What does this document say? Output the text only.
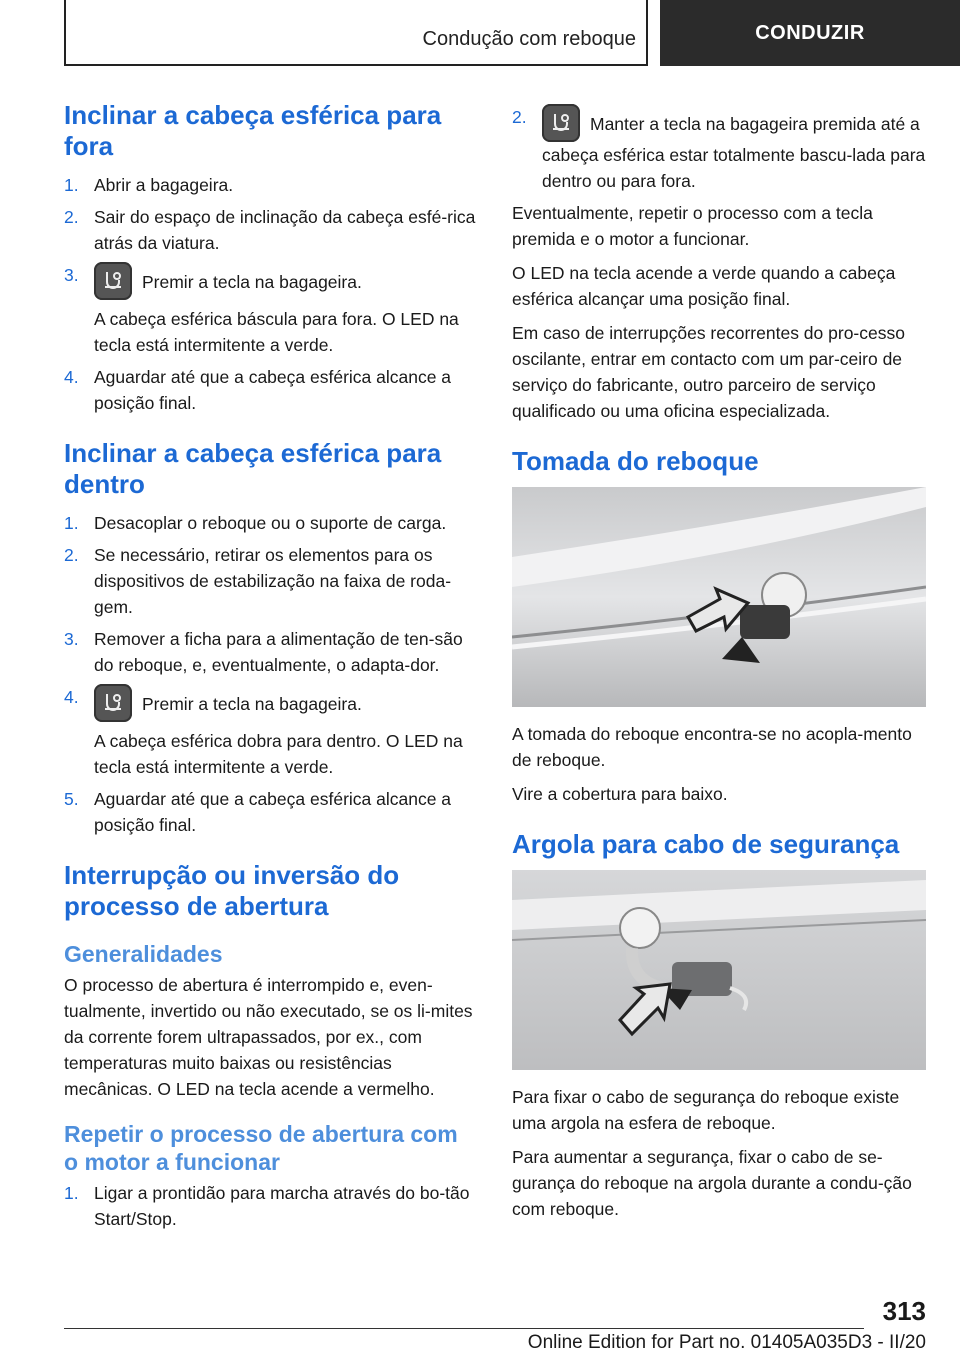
Condução com reboque	CONDUZIR
Inclinar a cabeça esférica para fora
1. Abrir a bagageira.
2. Sair do espaço de inclinação da cabeça esfé‐rica atrás da viatura.
3.	Premir a tecla na bagageira.
A cabeça esférica báscula para fora. O LED na tecla está intermitente a verde.
4. Aguardar até que a cabeça esférica alcance a posição final.
Inclinar a cabeça esférica para dentro
1. Desacoplar o reboque ou o suporte de carga.
2. Se necessário, retirar os elementos para os dispositivos de estabilização na faixa de roda‐gem.
3. Remover a ficha para a alimentação de ten‐são do reboque, e, eventualmente, o adapta‐dor.
4.	Premir a tecla na bagageira.
A cabeça esférica dobra para dentro. O LED na tecla está intermitente a verde.
5. Aguardar até que a cabeça esférica alcance a posição final.
Interrupção ou inversão do processo de abertura
Generalidades

O processo de abertura é interrompido e, even‐tualmente, invertido ou não executado, se os li‐mites da corrente forem ultrapassados, por ex., com temperaturas muito baixas ou resistências mecânicas. O LED na tecla acende a vermelho.

Repetir o processo de abertura com o motor a funcionar
1. Ligar a prontidão para marcha através do bo‐tão Start/Stop.
2.	Manter a tecla na bagageira premida até a cabeça esférica estar totalmente bascu‐lada para dentro ou para fora.

Eventualmente, repetir o processo com a tecla premida e o motor a funcionar.

O LED na tecla acende a verde quando a cabeça esférica alcançar uma posição final.

Em caso de interrupções recorrentes do pro‐cesso oscilante, entrar em contacto com um par‐ceiro de serviço do fabricante, outro parceiro de serviço qualificado ou uma oficina especializada.

Tomada do reboque

A tomada do reboque encontra-se no acopla‐mento de reboque.

Vire a cobertura para baixo.

Argola para cabo de segurança

Para fixar o cabo de segurança do reboque existe uma argola na esfera de reboque.

Para aumentar a segurança, fixar o cabo de se‐gurança do reboque na argola durante a condu‐ção com reboque.

313
Online Edition for Part no. 01405A035D3 - II/20
